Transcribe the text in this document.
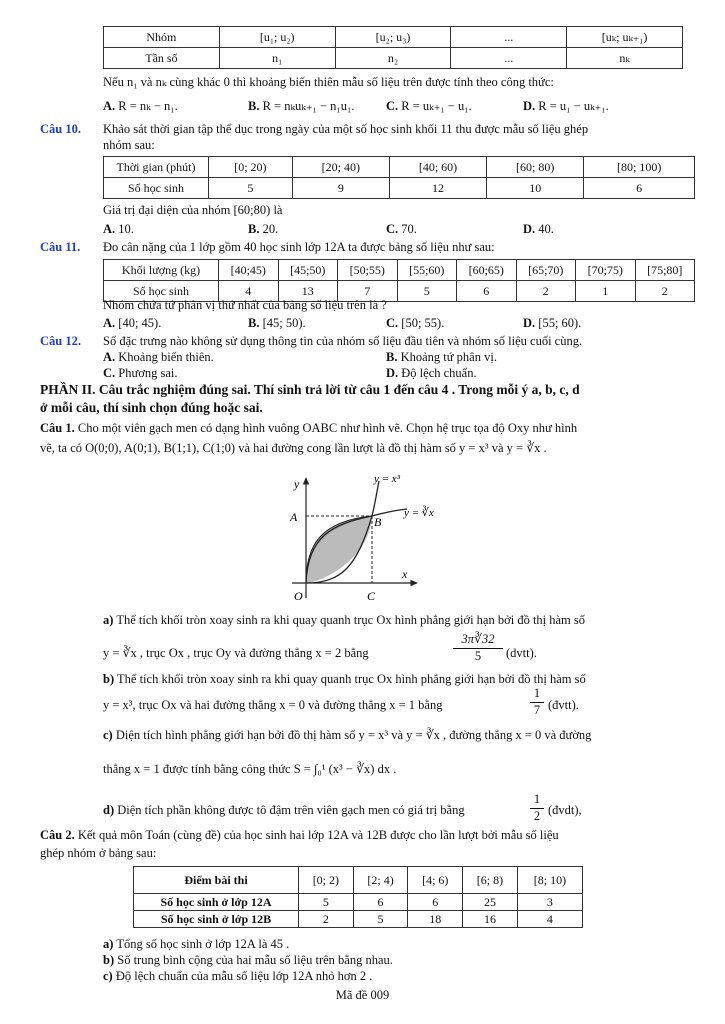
Nhóm	[u₁; u₂)	[u₂; u₃)	...	[uₖ; uₖ₊₁)
Tần số	n₁	n₂	...	nₖ
Nếu n₁ và nₖ cùng khác 0 thì khoảng biến thiên mẫu số liệu trên được tính theo công thức:
A. R = nₖ − n₁.	B. R = nₖuₖ₊₁ − n₁u₁.	C. R = uₖ₊₁ − u₁.	D. R = u₁ − uₖ₊₁.
Câu 10. Khảo sát thời gian tập thể dục trong ngày của một số học sinh khối 11 thu được mẫu số liệu ghép
nhóm sau:
Thời gian (phút)	[0; 20)	[20; 40)	[40; 60)	[60; 80)	[80; 100)
Số học sinh	5	9	12	10	6
Giá trị đại diện của nhóm [60;80) là
A. 10.	B. 20.	C. 70.	D. 40.
Câu 11. Đo cân nặng của 1 lớp gồm 40 học sinh lớp 12A ta được bảng số liệu như sau:
Khối lượng (kg)	[40;45)	[45;50)	[50;55)	[55;60)	[60;65)	[65;70)	[70;75)	[75;80]
Số học sinh	4	13	7	5	6	2	1	2
Nhóm chứa tứ phân vị thứ nhất của bảng số liệu trên là ?
A. [40; 45).	B. [45; 50).	C. [50; 55).	D. [55; 60).
Câu 12. Số đặc trưng nào không sử dụng thông tin của nhóm số liệu đầu tiên và nhóm số liệu cuối cùng.
A. Khoảng biến thiên.	B. Khoảng tứ phân vị.
C. Phương sai.	D. Độ lệch chuẩn.
PHẦN II. Câu trắc nghiệm đúng sai. Thí sinh trả lời từ câu 1 đến câu 4 . Trong mỗi ý a, b, c, d
ở mỗi câu, thí sinh chọn đúng hoặc sai.
Câu 1. Cho một viên gạch men có dạng hình vuông OABC như hình vẽ. Chọn hệ trục tọa độ Oxy như hình
vẽ, ta có O(0;0), A(0;1), B(1;1), C(1;0) và hai đường cong lần lượt là đồ thị hàm số y = x³ và y = ∛x .
y
x
A	B
O	C
y = x³
y = ∛x
a) Thể tích khối tròn xoay sinh ra khi quay quanh trục Ox hình phẳng giới hạn bởi đồ thị hàm số
y = ∛x , trục Ox , trục Oy và đường thẳng x = 2 bằng
3π∛32
5	(dvtt).
b) Thể tích khối tròn xoay sinh ra khi quay quanh trục Ox hình phẳng giới hạn bởi đồ thị hàm số
y = x³, trục Ox và hai đường thẳng x = 0 và đường thẳng x = 1 bằng
1
7 (đvtt).
c) Diện tích hình phẳng giới hạn bởi đồ thị hàm số y = x³ và y = ∛x , đường thẳng x = 0 và đường
thẳng x = 1 được tính bằng công thức S = ∫₀¹ (x³ − ∛x) dx .
d) Diện tích phần không được tô đậm trên viên gạch men có giá trị bằng
1
2 (đvdt),
Câu 2. Kết quả môn Toán (cùng đề) của học sinh hai lớp 12A và 12B được cho lần lượt bởi mẫu số liệu
ghép nhóm ở bảng sau:
Điểm bài thi	[0; 2)	[2; 4)	[4; 6)	[6; 8)	[8; 10)
Số học sinh ở lớp 12A	5	6	6	25	3
Số học sinh ở lớp 12B	2	5	18	16	4
a) Tổng số học sinh ở lớp 12A là 45 .
b) Số trung bình cộng của hai mẫu số liệu trên bằng nhau.
c) Độ lệch chuẩn của mẫu số liệu lớp 12A nhỏ hơn 2 .
Mã đề 009
